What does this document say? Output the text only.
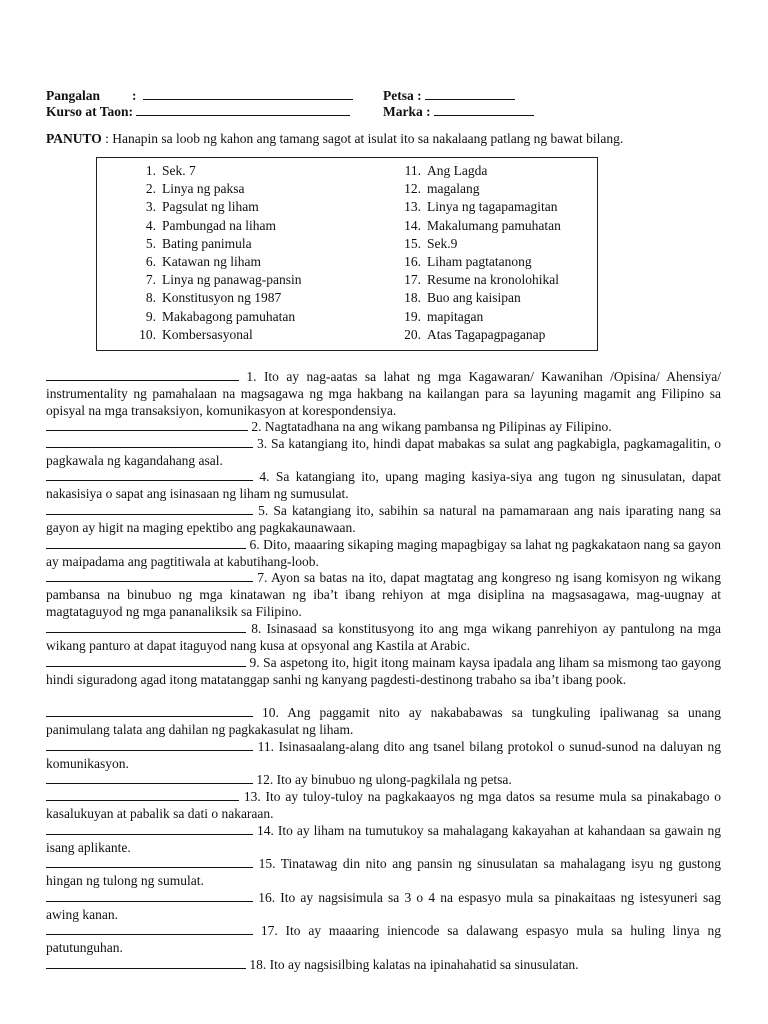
Pangalan :	Petsa :
Kurso at Taon:	Marka :
PANUTO : Hanapin sa loob ng kahon ang tamang sagot at isulat ito sa nakalaang patlang ng bawat bilang.
1. Sek. 7
2. Linya ng paksa
3. Pagsulat ng liham
4. Pambungad na liham
5. Bating panimula
6. Katawan ng liham
7. Linya ng panawag-pansin
8. Konstitusyon ng 1987
9. Makabagong pamuhatan
10. Kombersasyonal
11. Ang Lagda
12. magalang
13. Linya ng tagapamagitan
14. Makalumang pamuhatan
15. Sek.9
16. Liham pagtatanong
17. Resume na kronolohikal
18. Buo ang kaisipan
19. mapitagan
20. Atas Tagapagpaganap

1. Ito ay nag-aatas sa lahat ng mga Kagawaran/ Kawanihan /Opisina/ Ahensiya/ instrumentality ng pamahalaan na magsagawa ng mga hakbang na kailangan para sa layuning magamit ang Filipino sa opisyal na mga transaksiyon, komunikasyon at korespondensiya.

2. Nagtatadhana na ang wikang pambansa ng Pilipinas ay Filipino.

3. Sa katangiang ito, hindi dapat mabakas sa sulat ang pagkabigla, pagkamagalitin, o pagkawala ng kagandahang asal.

4. Sa katangiang ito, upang maging kasiya-siya ang tugon ng sinusulatan, dapat nakasisiya o sapat ang isinasaan ng liham ng sumusulat.

5. Sa katangiang ito, sabihin sa natural na pamamaraan ang nais iparating nang sa gayon ay higit na maging epektibo ang pagkakaunawaan.

6. Dito, maaaring sikaping maging mapagbigay sa lahat ng pagkakataon nang sa gayon ay maipadama ang pagtitiwala at kabutihang-loob.

7. Ayon sa batas na ito, dapat magtatag ang kongreso ng isang komisyon ng wikang pambansa na binubuo ng mga kinatawan ng iba’t ibang rehiyon at mga disiplina na magsasagawa, mag-uugnay at magtataguyod ng mga pananaliksik sa Filipino.

8. Isinasaad sa konstitusyong ito ang mga wikang panrehiyon ay pantulong na mga wikang panturo at dapat itaguyod nang kusa at opsyonal ang Kastila at Arabic.

9. Sa aspetong ito, higit itong mainam kaysa ipadala ang liham sa mismong tao gayong hindi siguradong agad itong matatanggap sanhi ng kanyang pagdesti-destinong trabaho sa iba’t ibang pook.

10. Ang paggamit nito ay nakababawas sa tungkuling ipaliwanag sa unang panimulang talata ang dahilan ng pagkakasulat ng liham.

11. Isinasaalang-alang dito ang tsanel bilang protokol o sunud-sunod na daluyan ng komunikasyon.

12. Ito ay binubuo ng ulong-pagkilala ng petsa.

13. Ito ay tuloy-tuloy na pagkakaayos ng mga datos sa resume mula sa pinakabago o kasalukuyan at pabalik sa dati o nakaraan.

14. Ito ay liham na tumutukoy sa mahalagang kakayahan at kahandaan sa gawain ng isang aplikante.

15. Tinatawag din nito ang pansin ng sinusulatan sa mahalagang isyu ng gustong hingan ng tulong ng sumulat.

16. Ito ay nagsisimula sa 3 o 4 na espasyo mula sa pinakaitaas ng istesyuneri sag awing kanan.

17. Ito ay maaaring iniencode sa dalawang espasyo mula sa huling linya ng patutunguhan.

18. Ito ay nagsisilbing kalatas na ipinahahatid sa sinusulatan.
